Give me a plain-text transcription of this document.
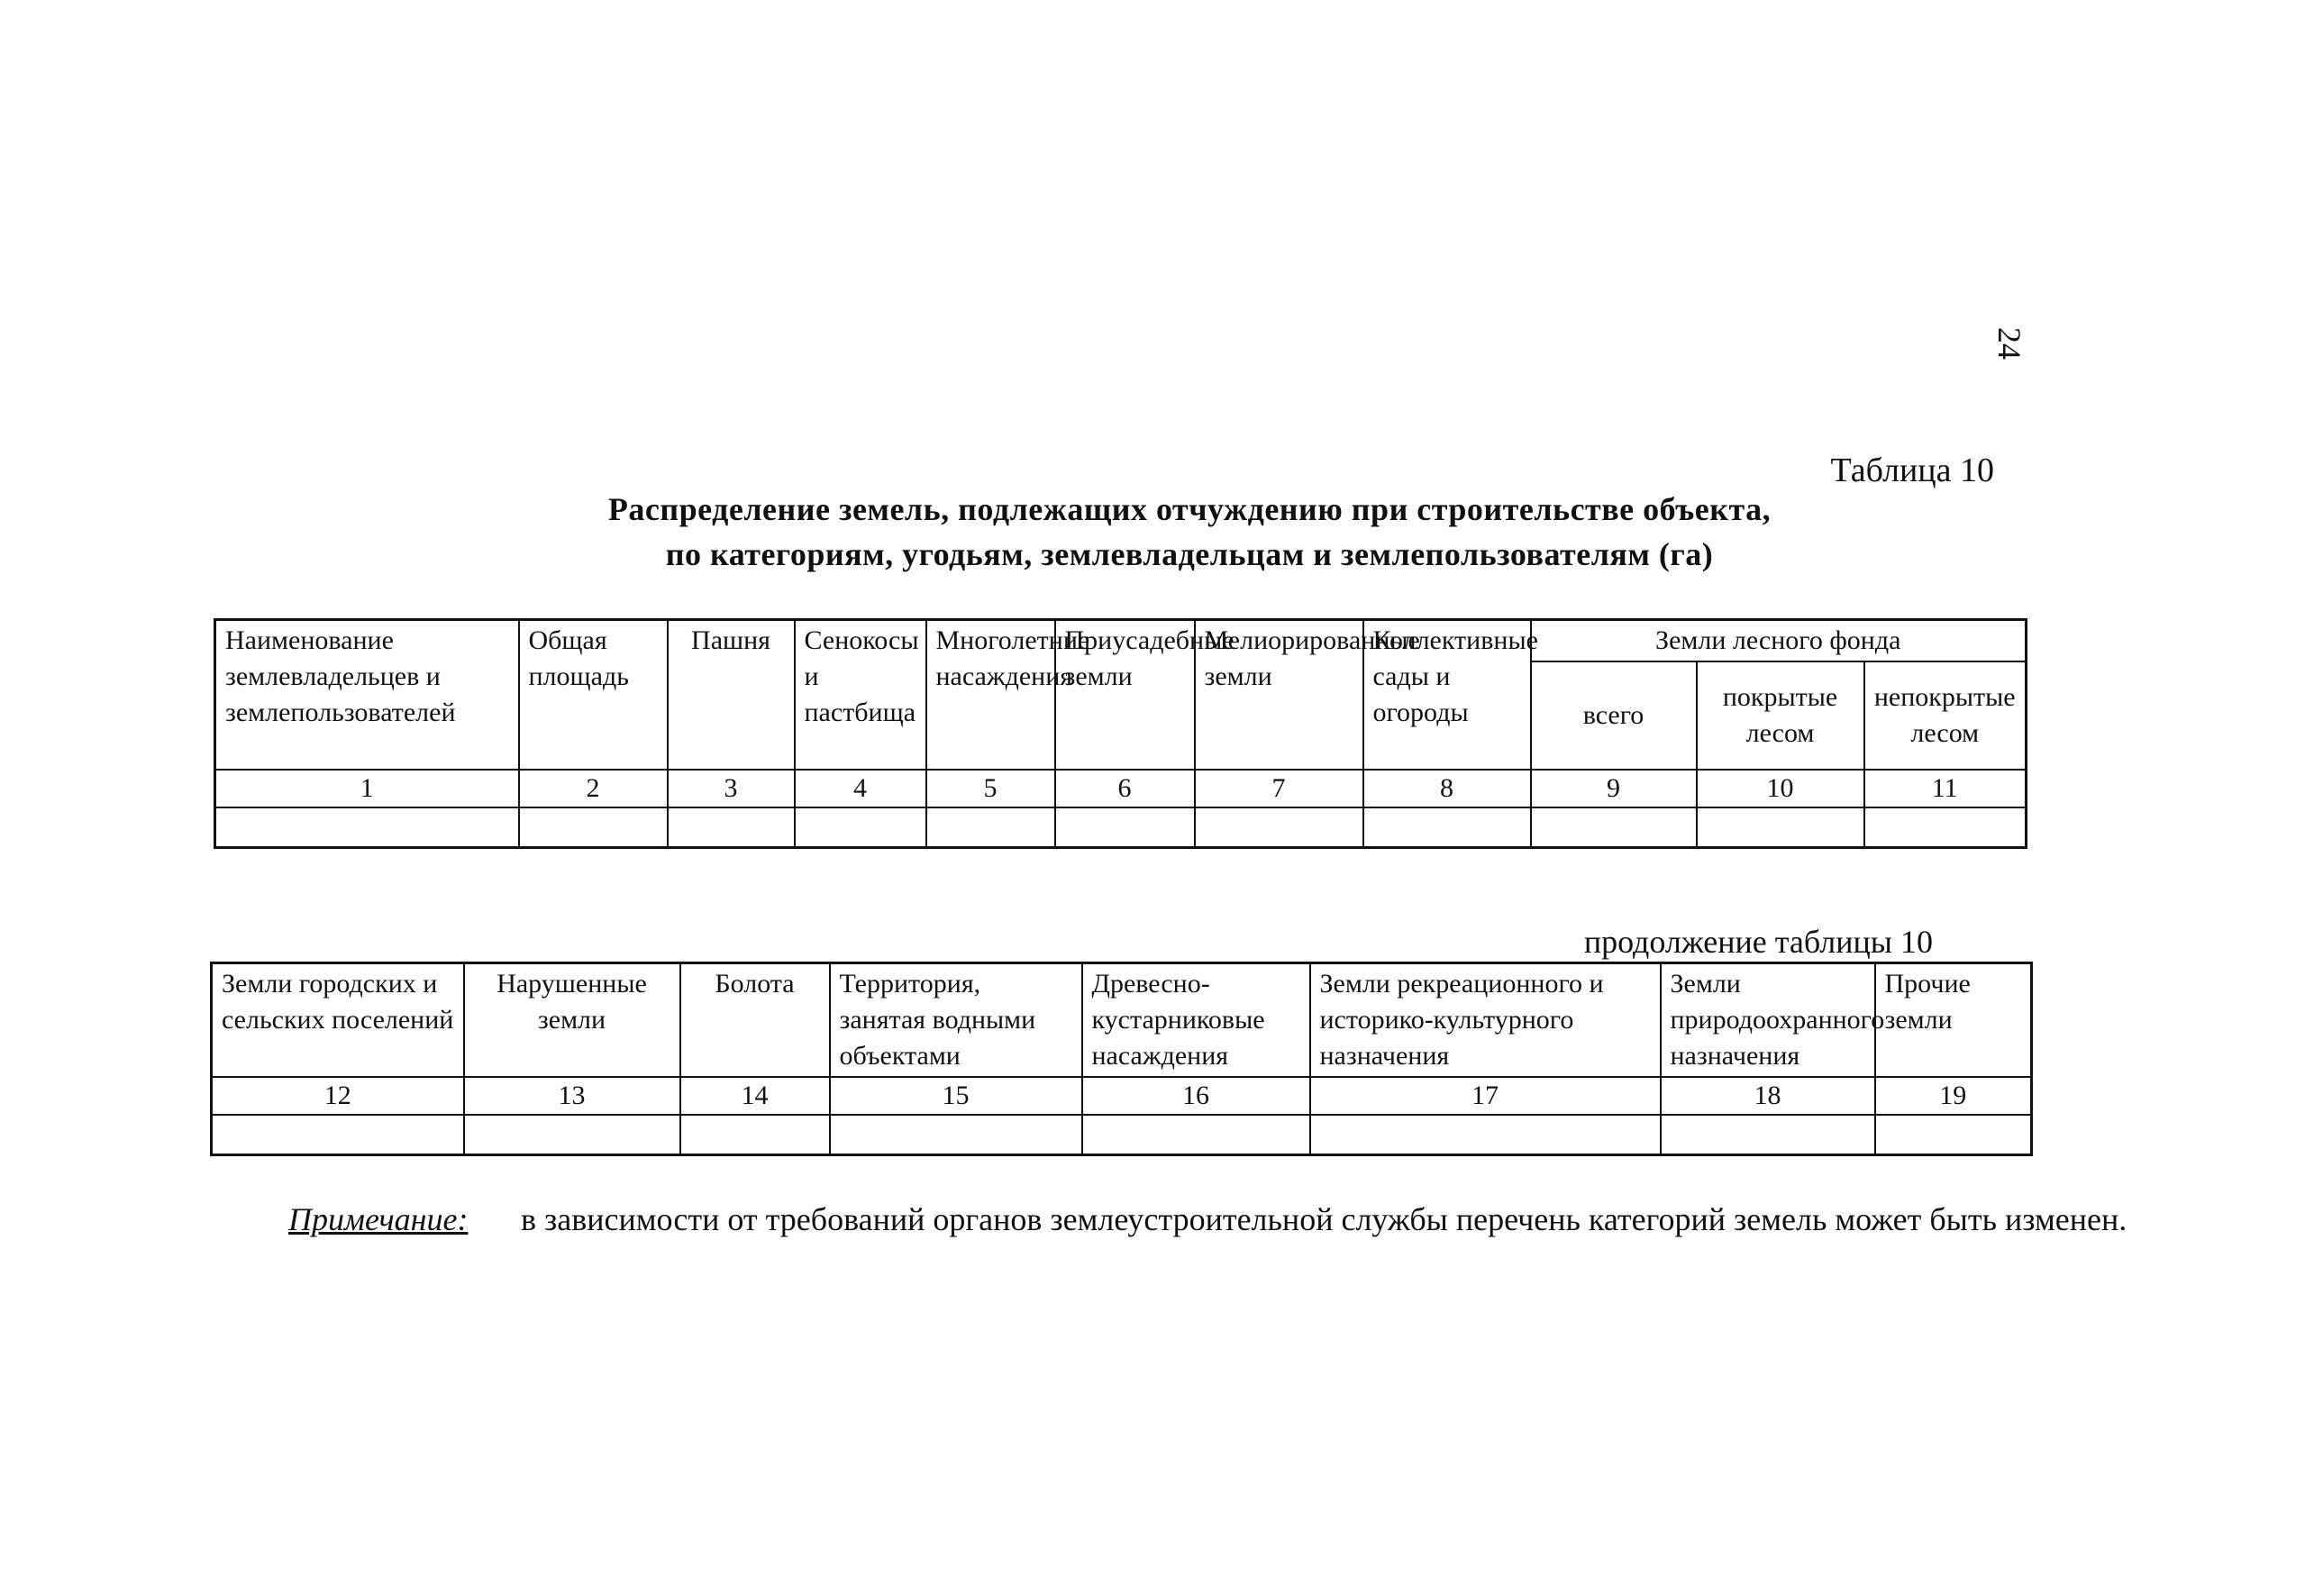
24
Таблица 10
Распределение земель, подлежащих отчуждению при строительстве объекта,
по категориям, угодьям, землевладельцам и землепользователям (га)
Наименование землевладельцев и землепользователей	Общая площадь	Пашня	Сенокосы и пастбища	Многолетние насаждения	Приусадебные земли	Мелиорированные земли	Коллективные сады и огороды	Земли лесного фонда		
								всего	покрытые лесом	непокрытые лесом
1	2	3	4	5	6	7	8	9	10	11

продолжение таблицы 10
Земли городских и сельских поселений	Нарушенные земли	Болота	Территория, занятая водными объектами	Древесно-кустарниковые насаждения	Земли рекреационного и историко-культурного назначения	Земли природоохранного назначения	Прочие земли
12	13	14	15	16	17	18	19

Примечание: в зависимости от требований органов землеустроительной службы перечень категорий земель может быть изменен.
